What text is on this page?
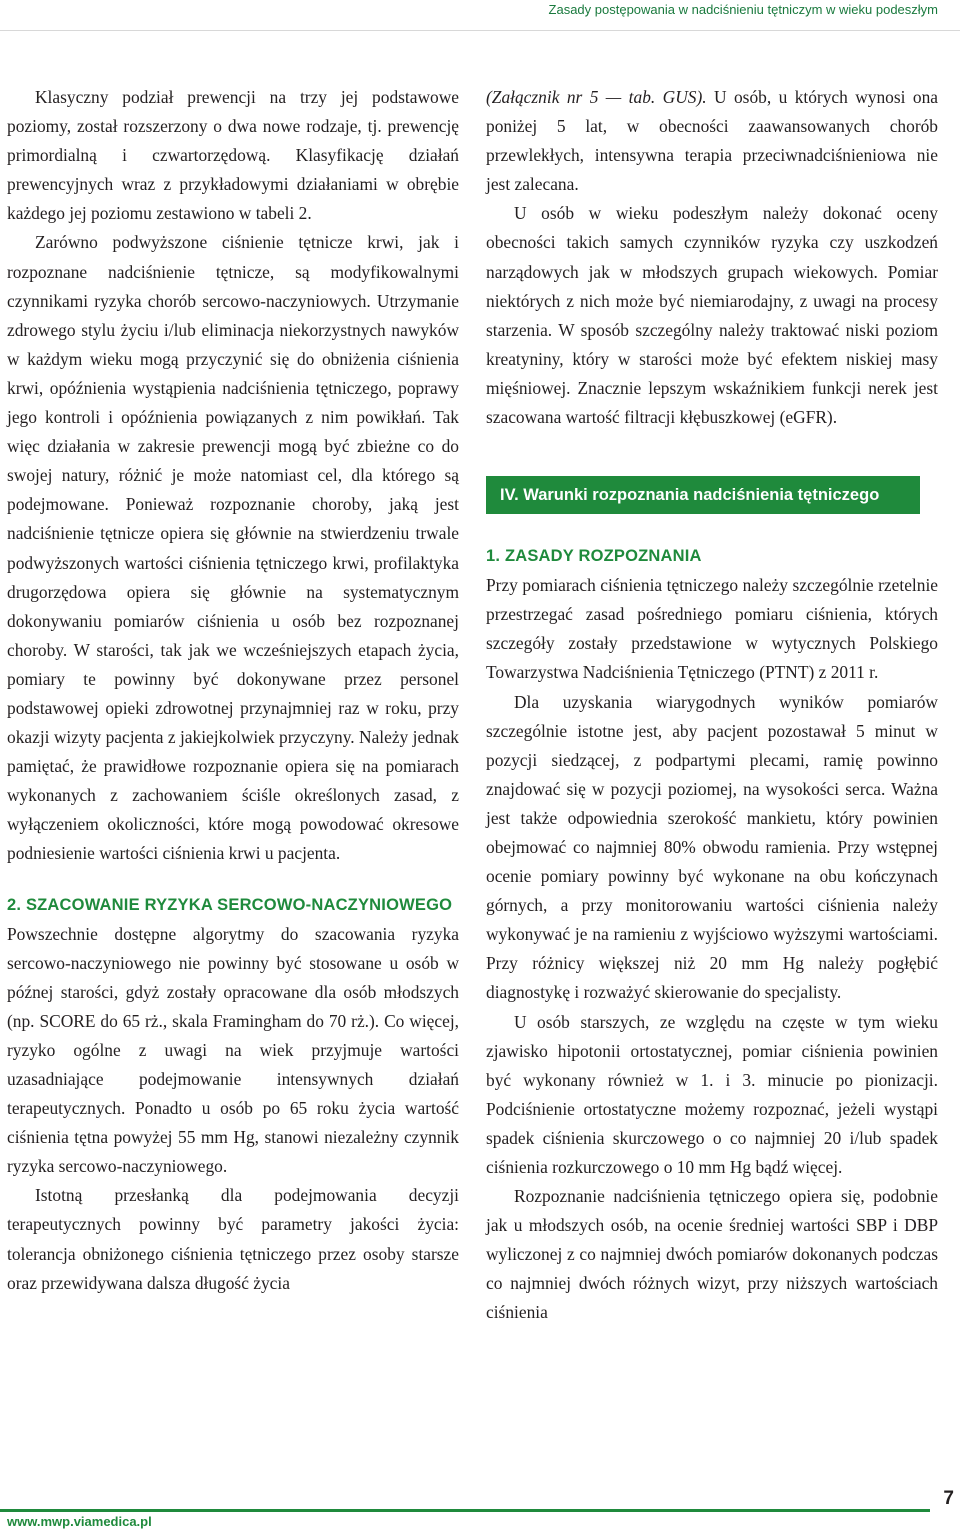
Zasady postępowania w nadciśnieniu tętniczym w wieku podeszłym

Klasyczny podział prewencji na trzy jej podstawowe poziomy, został rozszerzony o dwa nowe rodzaje, tj. prewencję primordialną i czwartorzędową. Klasyfikację działań prewencyjnych wraz z przykładowymi działaniami w obrębie każdego jej poziomu zestawiono w tabeli 2.

Zarówno podwyższone ciśnienie tętnicze krwi, jak i rozpoznane nadciśnienie tętnicze, są modyfikowalnymi czynnikami ryzyka chorób sercowo-naczyniowych. Utrzymanie zdrowego stylu życiu i/lub eliminacja niekorzystnych nawyków w każdym wieku mogą przyczynić się do obniżenia ciśnienia krwi, opóźnienia wystąpienia nadciśnienia tętniczego, poprawy jego kontroli i opóźnienia powiązanych z nim powikłań. Tak więc działania w zakresie prewencji mogą być zbieżne co do swojej natury, różnić je może natomiast cel, dla którego są podejmowane. Ponieważ rozpoznanie choroby, jaką jest nadciśnienie tętnicze opiera się głównie na stwierdzeniu trwale podwyższonych wartości ciśnienia tętniczego krwi, profilaktyka drugorzędowa opiera się głównie na systematycznym dokonywaniu pomiarów ciśnienia u osób bez rozpoznanej choroby. W starości, tak jak we wcześniejszych etapach życia, pomiary te powinny być dokonywane przez personel podstawowej opieki zdrowotnej przynajmniej raz w roku, przy okazji wizyty pacjenta z jakiejkolwiek przyczyny. Należy jednak pamiętać, że prawidłowe rozpoznanie opiera się na pomiarach wykonanych z zachowaniem ściśle określonych zasad, z wyłączeniem okoliczności, które mogą powodować okresowe podniesienie wartości ciśnienia krwi u pacjenta.

2. SZACOWANIE RYZYKA SERCOWO-NACZYNIOWEGO

Powszechnie dostępne algorytmy do szacowania ryzyka sercowo-naczyniowego nie powinny być stosowane u osób w późnej starości, gdyż zostały opracowane dla osób młodszych (np. SCORE do 65 rż., skala Framingham do 70 rż.). Co więcej, ryzyko ogólne z uwagi na wiek przyjmuje wartości uzasadniające podejmowanie intensywnych działań terapeutycznych. Ponadto u osób po 65 roku życia wartość ciśnienia tętna powyżej 55 mm Hg, stanowi niezależny czynnik ryzyka sercowo-naczyniowego.

Istotną przesłanką dla podejmowania decyzji terapeutycznych powinny być parametry jakości życia: tolerancja obniżonego ciśnienia tętniczego przez osoby starsze oraz przewidywana dalsza długość życia

(Załącznik nr 5 — tab. GUS). U osób, u których wynosi ona poniżej 5 lat, w obecności zaawansowanych chorób przewlekłych, intensywna terapia przeciwnadciśnieniowa nie jest zalecana.

U osób w wieku podeszłym należy dokonać oceny obecności takich samych czynników ryzyka czy uszkodzeń narządowych jak w młodszych grupach wiekowych. Pomiar niektórych z nich może być niemiarodajny, z uwagi na procesy starzenia. W sposób szczególny należy traktować niski poziom kreatyniny, który w starości może być efektem niskiej masy mięśniowej. Znacznie lepszym wskaźnikiem funkcji nerek jest szacowana wartość filtracji kłębuszkowej (eGFR).

IV. Warunki rozpoznania nadciśnienia tętniczego
1. ZASADY ROZPOZNANIA

Przy pomiarach ciśnienia tętniczego należy szczególnie rzetelnie przestrzegać zasad pośredniego pomiaru ciśnienia, których szczegóły zostały przedstawione w wytycznych Polskiego Towarzystwa Nadciśnienia Tętniczego (PTNT) z 2011 r.

Dla uzyskania wiarygodnych wyników pomiarów szczególnie istotne jest, aby pacjent pozostawał 5 minut w pozycji siedzącej, z podpartymi plecami, ramię powinno znajdować się w pozycji poziomej, na wysokości serca. Ważna jest także odpowiednia szerokość mankietu, który powinien obejmować co najmniej 80% obwodu ramienia. Przy wstępnej ocenie pomiary powinny być wykonane na obu kończynach górnych, a przy monitorowaniu wartości ciśnienia należy wykonywać je na ramieniu z wyjściowo wyższymi wartościami. Przy różnicy większej niż 20 mm Hg należy pogłębić diagnostykę i rozważyć skierowanie do specjalisty.

U osób starszych, ze względu na częste w tym wieku zjawisko hipotonii ortostatycznej, pomiar ciśnienia powinien być wykonany również w 1. i 3. minucie po pionizacji. Podciśnienie ortostatyczne możemy rozpoznać, jeżeli wystąpi spadek ciśnienia skurczowego o co najmniej 20 i/lub spadek ciśnienia rozkurczowego o 10 mm Hg bądź więcej.

Rozpoznanie nadciśnienia tętniczego opiera się, podobnie jak u młodszych osób, na ocenie średniej wartości SBP i DBP wyliczonej z co najmniej dwóch pomiarów dokonanych podczas co najmniej dwóch różnych wizyt, przy niższych wartościach ciśnienia

www.mwp.viamedica.pl
7
